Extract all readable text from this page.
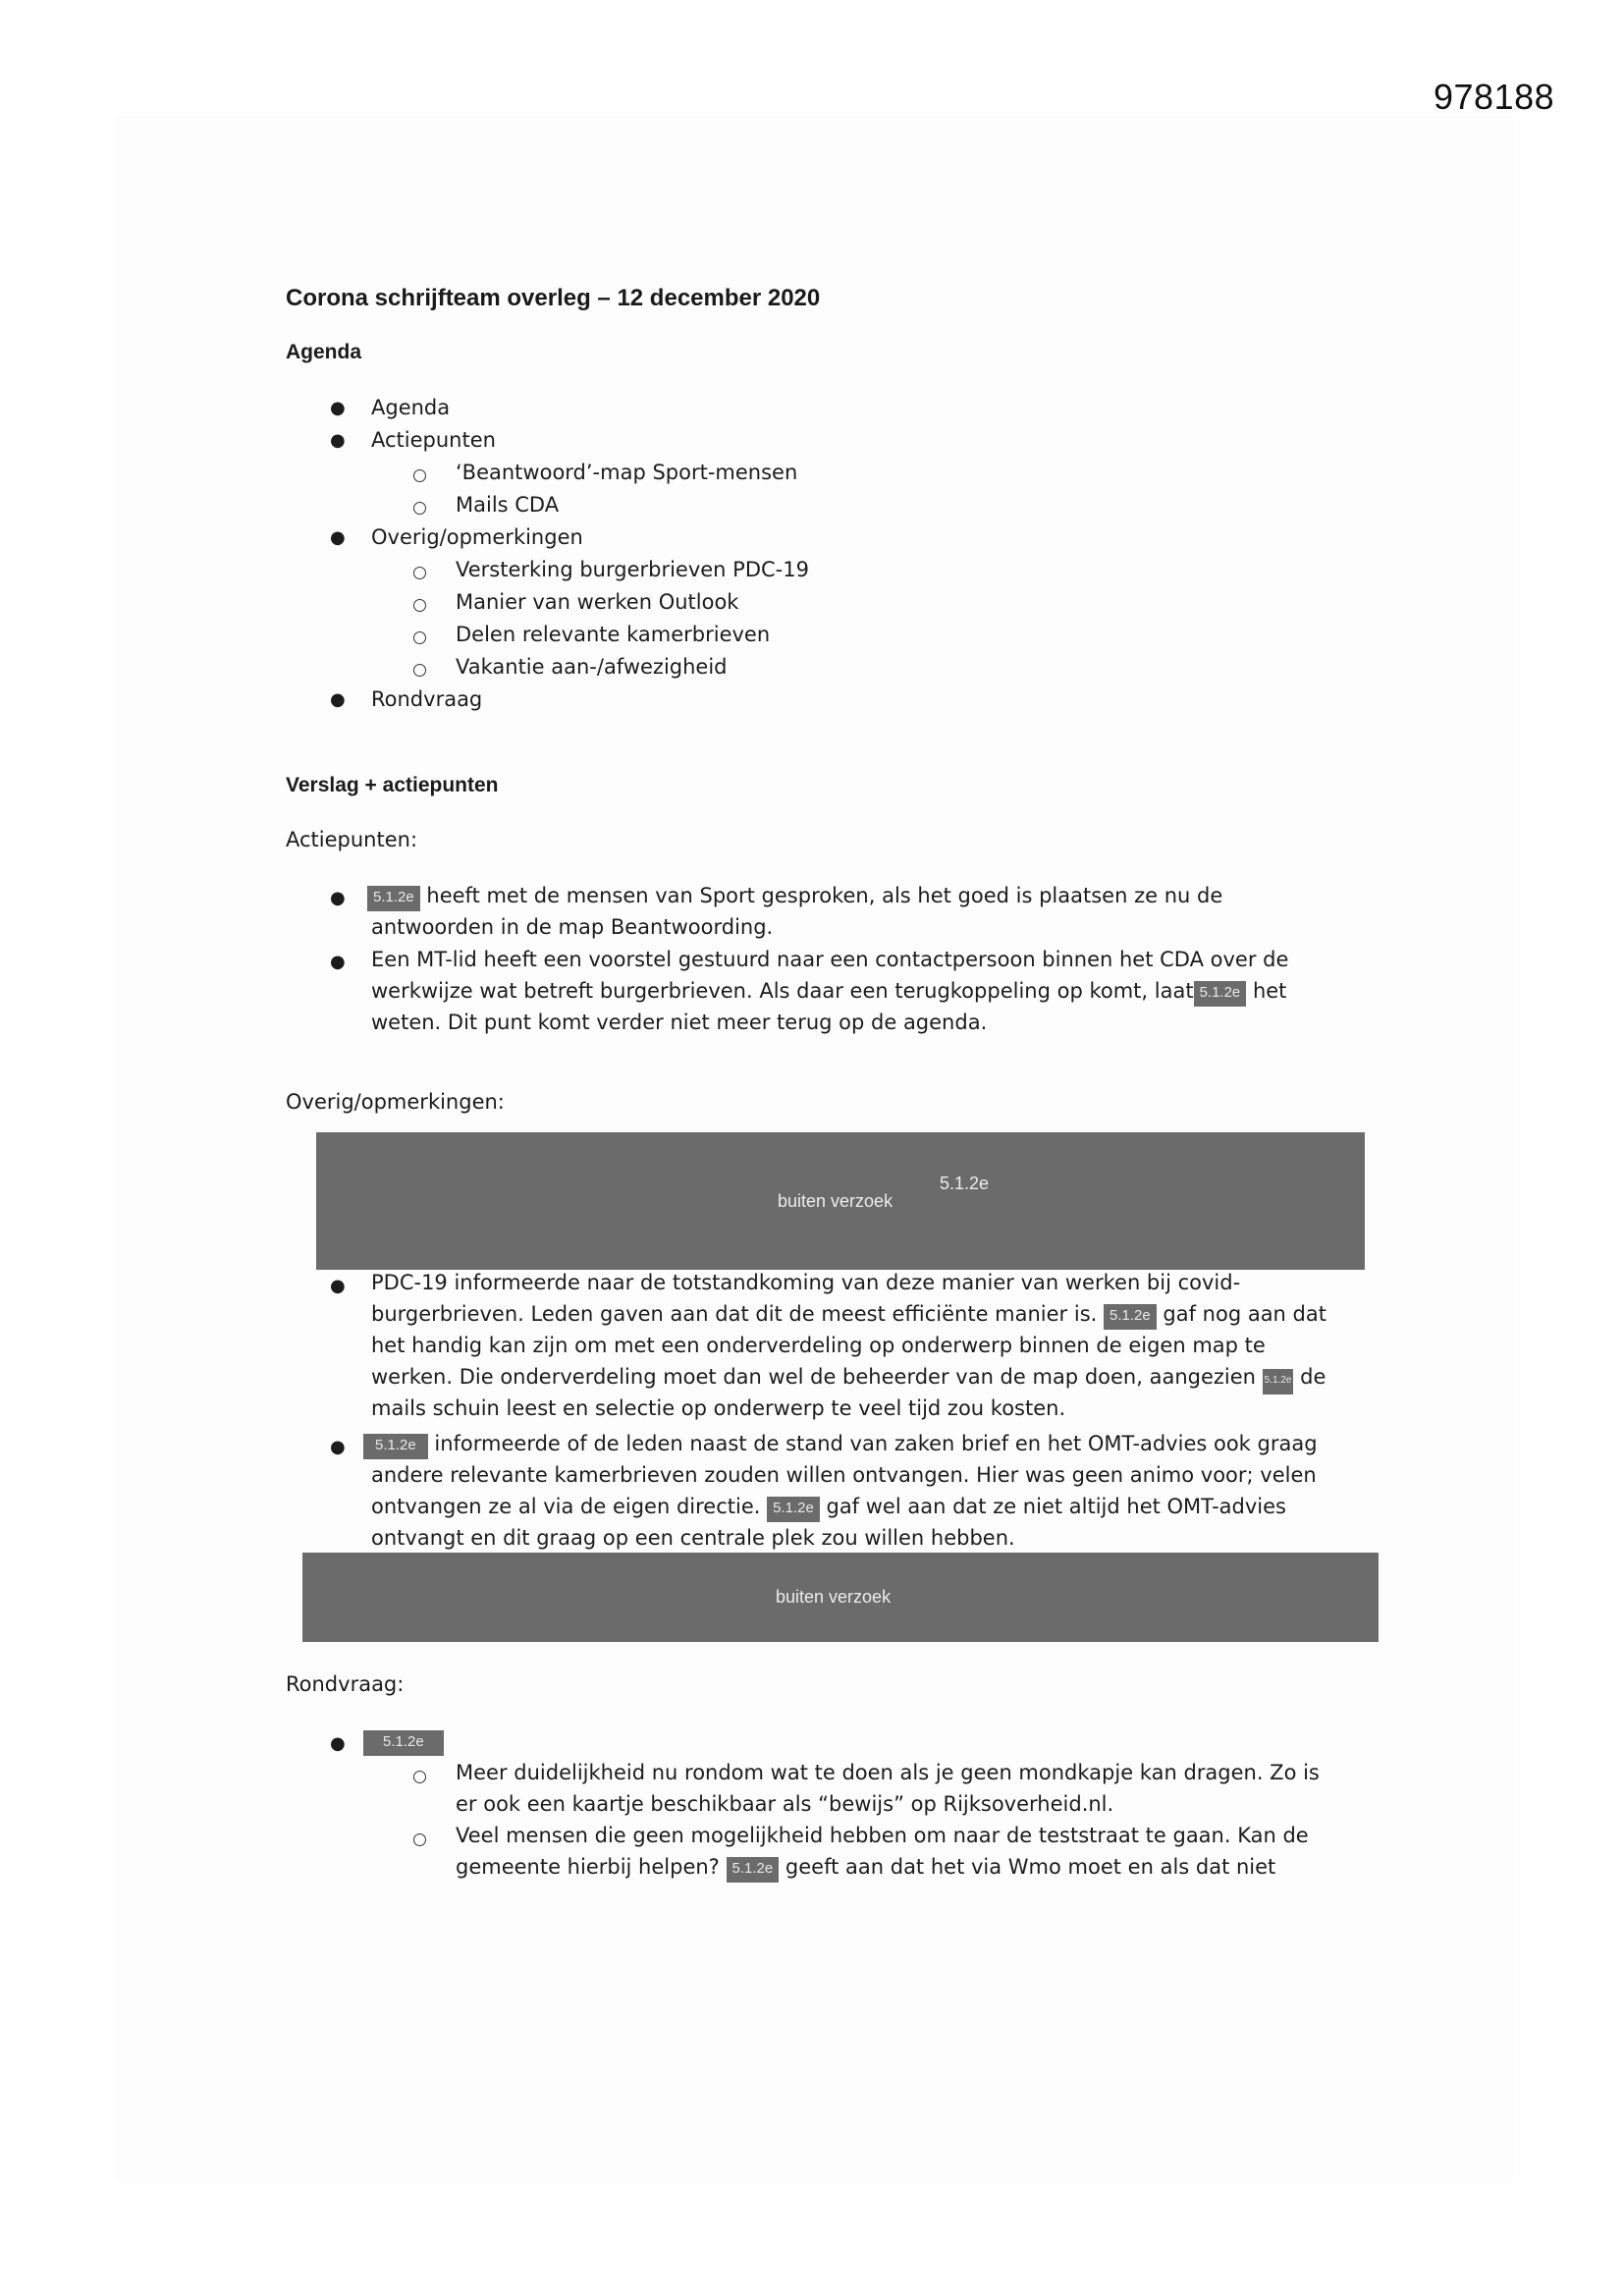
978188
Corona schrijfteam overleg – 12 december 2020
Agenda
● Agenda
● Actiepunten
‘Beantwoord’-map Sport-mensen
Mails CDA
● Overig/opmerkingen
Versterking burgerbrieven PDC-19
Manier van werken Outlook
Delen relevante kamerbrieven
Vakantie aan-/afwezigheid
● Rondvraag
Verslag + actiepunten
Actiepunten:
●	5.1.2e heeft met de mensen van Sport gesproken, als het goed is plaatsen ze nu de
antwoorden in de map Beantwoording.
● Een MT-lid heeft een voorstel gestuurd naar een contactpersoon binnen het CDA over de
werkwijze wat betreft burgerbrieven. Als daar een terugkoppeling op komt, laat 5.1.2e het
weten. Dit punt komt verder niet meer terug op de agenda.
Overig/opmerkingen:
buiten verzoek
5.1.2e
● PDC-19 informeerde naar de totstandkoming van deze manier van werken bij covid-
burgerbrieven. Leden gaven aan dat dit de meest efficiënte manier is. 5.1.2e gaf nog aan dat
het handig kan zijn om met een onderverdeling op onderwerp binnen de eigen map te
werken. Die onderverdeling moet dan wel de beheerder van de map doen, aangezien 5.1.2e de
mails schuin leest en selectie op onderwerp te veel tijd zou kosten.
●	5.1.2e informeerde of de leden naast de stand van zaken brief en het OMT-advies ook graag
andere relevante kamerbrieven zouden willen ontvangen. Hier was geen animo voor; velen
ontvangen ze al via de eigen directie. 5.1.2e gaf wel aan dat ze niet altijd het OMT-advies
ontvangt en dit graag op een centrale plek zou willen hebben.
buiten verzoek
Rondvraag:
●	5.1.2e
Meer duidelijkheid nu rondom wat te doen als je geen mondkapje kan dragen. Zo is
er ook een kaartje beschikbaar als “bewijs” op Rijksoverheid.nl.
Veel mensen die geen mogelijkheid hebben om naar de teststraat te gaan. Kan de
gemeente hierbij helpen? 5.1.2e geeft aan dat het via Wmo moet en als dat niet
